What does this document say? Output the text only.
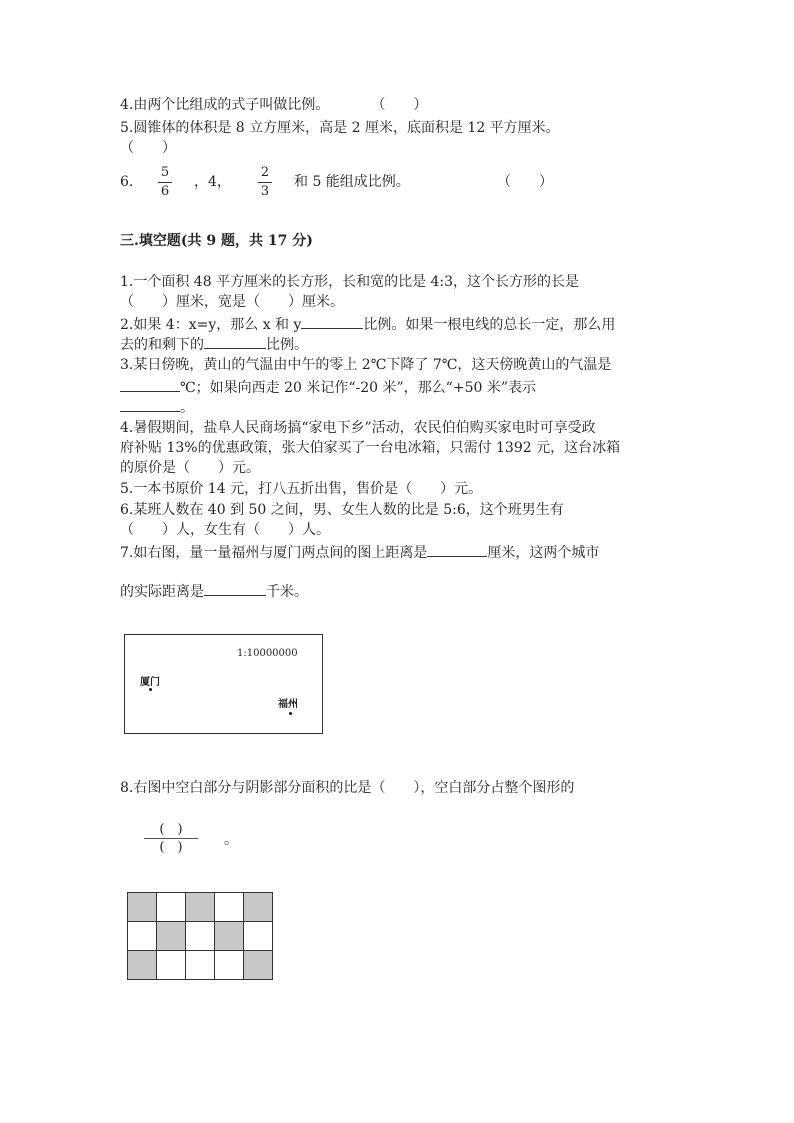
4.由两个比组成的式子叫做比例。　　　　（　　）
5.圆锥体的体积是 8 立方厘米，高是 2 厘米，底面积是 12 平方厘米。
（　　）
6.
5
6
，4，
2
3
和 5 能组成比例。	（　　）
三.填空题(共 9 题，共 17 分)
1.一个面积 48 平方厘米的长方形，长和宽的比是 4:3，这个长方形的长是
（　　）厘米，宽是（　　）厘米。
2.如果 4：x=y，那么 x 和 y	比例。如果一根电线的总长一定，那么用
去的和剩下的	比例。
3.某日傍晚，黄山的气温由中午的零上 2℃下降了 7℃，这天傍晚黄山的气温是
℃；如果向西走 20 米记作“-20 米”，那么“+50 米”表示
。
4.暑假期间，盐阜人民商场搞“家电下乡”活动，农民伯伯购买家电时可享受政
府补贴 13%的优惠政策，张大伯家买了一台电冰箱，只需付 1392 元，这台冰箱
的原价是（　　）元。
5.一本书原价 14 元，打八五折出售，售价是（　　）元。
6.某班人数在 40 到 50 之间，男、女生人数的比是 5:6，这个班男生有
（　　）人，女生有（　　）人。
7.如右图，量一量福州与厦门两点间的图上距离是	厘米，这两个城市
的实际距离是	千米。
1:10000000
厦门
福州
8.右图中空白部分与阴影部分面积的比是（　　），空白部分占整个图形的
(　)
(　)	。
